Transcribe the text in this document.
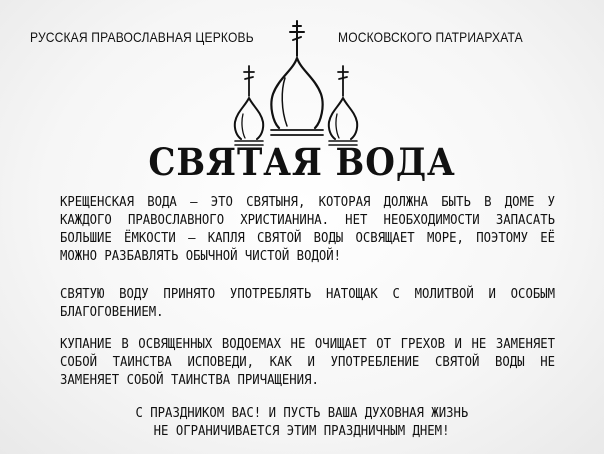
РУССКАЯ ПРАВОСЛАВНАЯ ЦЕРКОВЬ	МОСКОВСКОГО ПАТРИАРХАТА
СВЯТАЯ ВОДА
КРЕЩЕНСКАЯ ВОДА – ЭТО СВЯТЫНЯ, КОТОРАЯ ДОЛЖНА БЫТЬ В ДОМЕ У КАЖДОГО ПРАВОСЛАВНОГО ХРИСТИАНИНА. НЕТ НЕОБХОДИМОСТИ ЗАПАСАТЬ БОЛЬШИЕ ЁМКОСТИ – КАПЛЯ СВЯТОЙ ВОДЫ ОСВЯЩАЕТ МОРЕ, ПОЭТОМУ ЕЁ МОЖНО РАЗБАВЛЯТЬ ОБЫЧНОЙ ЧИСТОЙ ВОДОЙ!
СВЯТУЮ ВОДУ ПРИНЯТО УПОТРЕБЛЯТЬ НАТОЩАК С МОЛИТВОЙ И ОСОБЫМ БЛАГОГОВЕНИЕМ.
КУПАНИЕ В ОСВЯЩЕННЫХ ВОДОЕМАХ НЕ ОЧИЩАЕТ ОТ ГРЕХОВ И НЕ ЗАМЕНЯЕТ СОБОЙ ТАИНСТВА ИСПОВЕДИ, КАК И УПОТРЕБЛЕНИЕ СВЯТОЙ ВОДЫ НЕ ЗАМЕНЯЕТ СОБОЙ ТАИНСТВА ПРИЧАЩЕНИЯ.
С ПРАЗДНИКОМ ВАС! И ПУСТЬ ВАША ДУХОВНАЯ ЖИЗНЬ
НЕ ОГРАНИЧИВАЕТСЯ ЭТИМ ПРАЗДНИЧНЫМ ДНЕМ!
